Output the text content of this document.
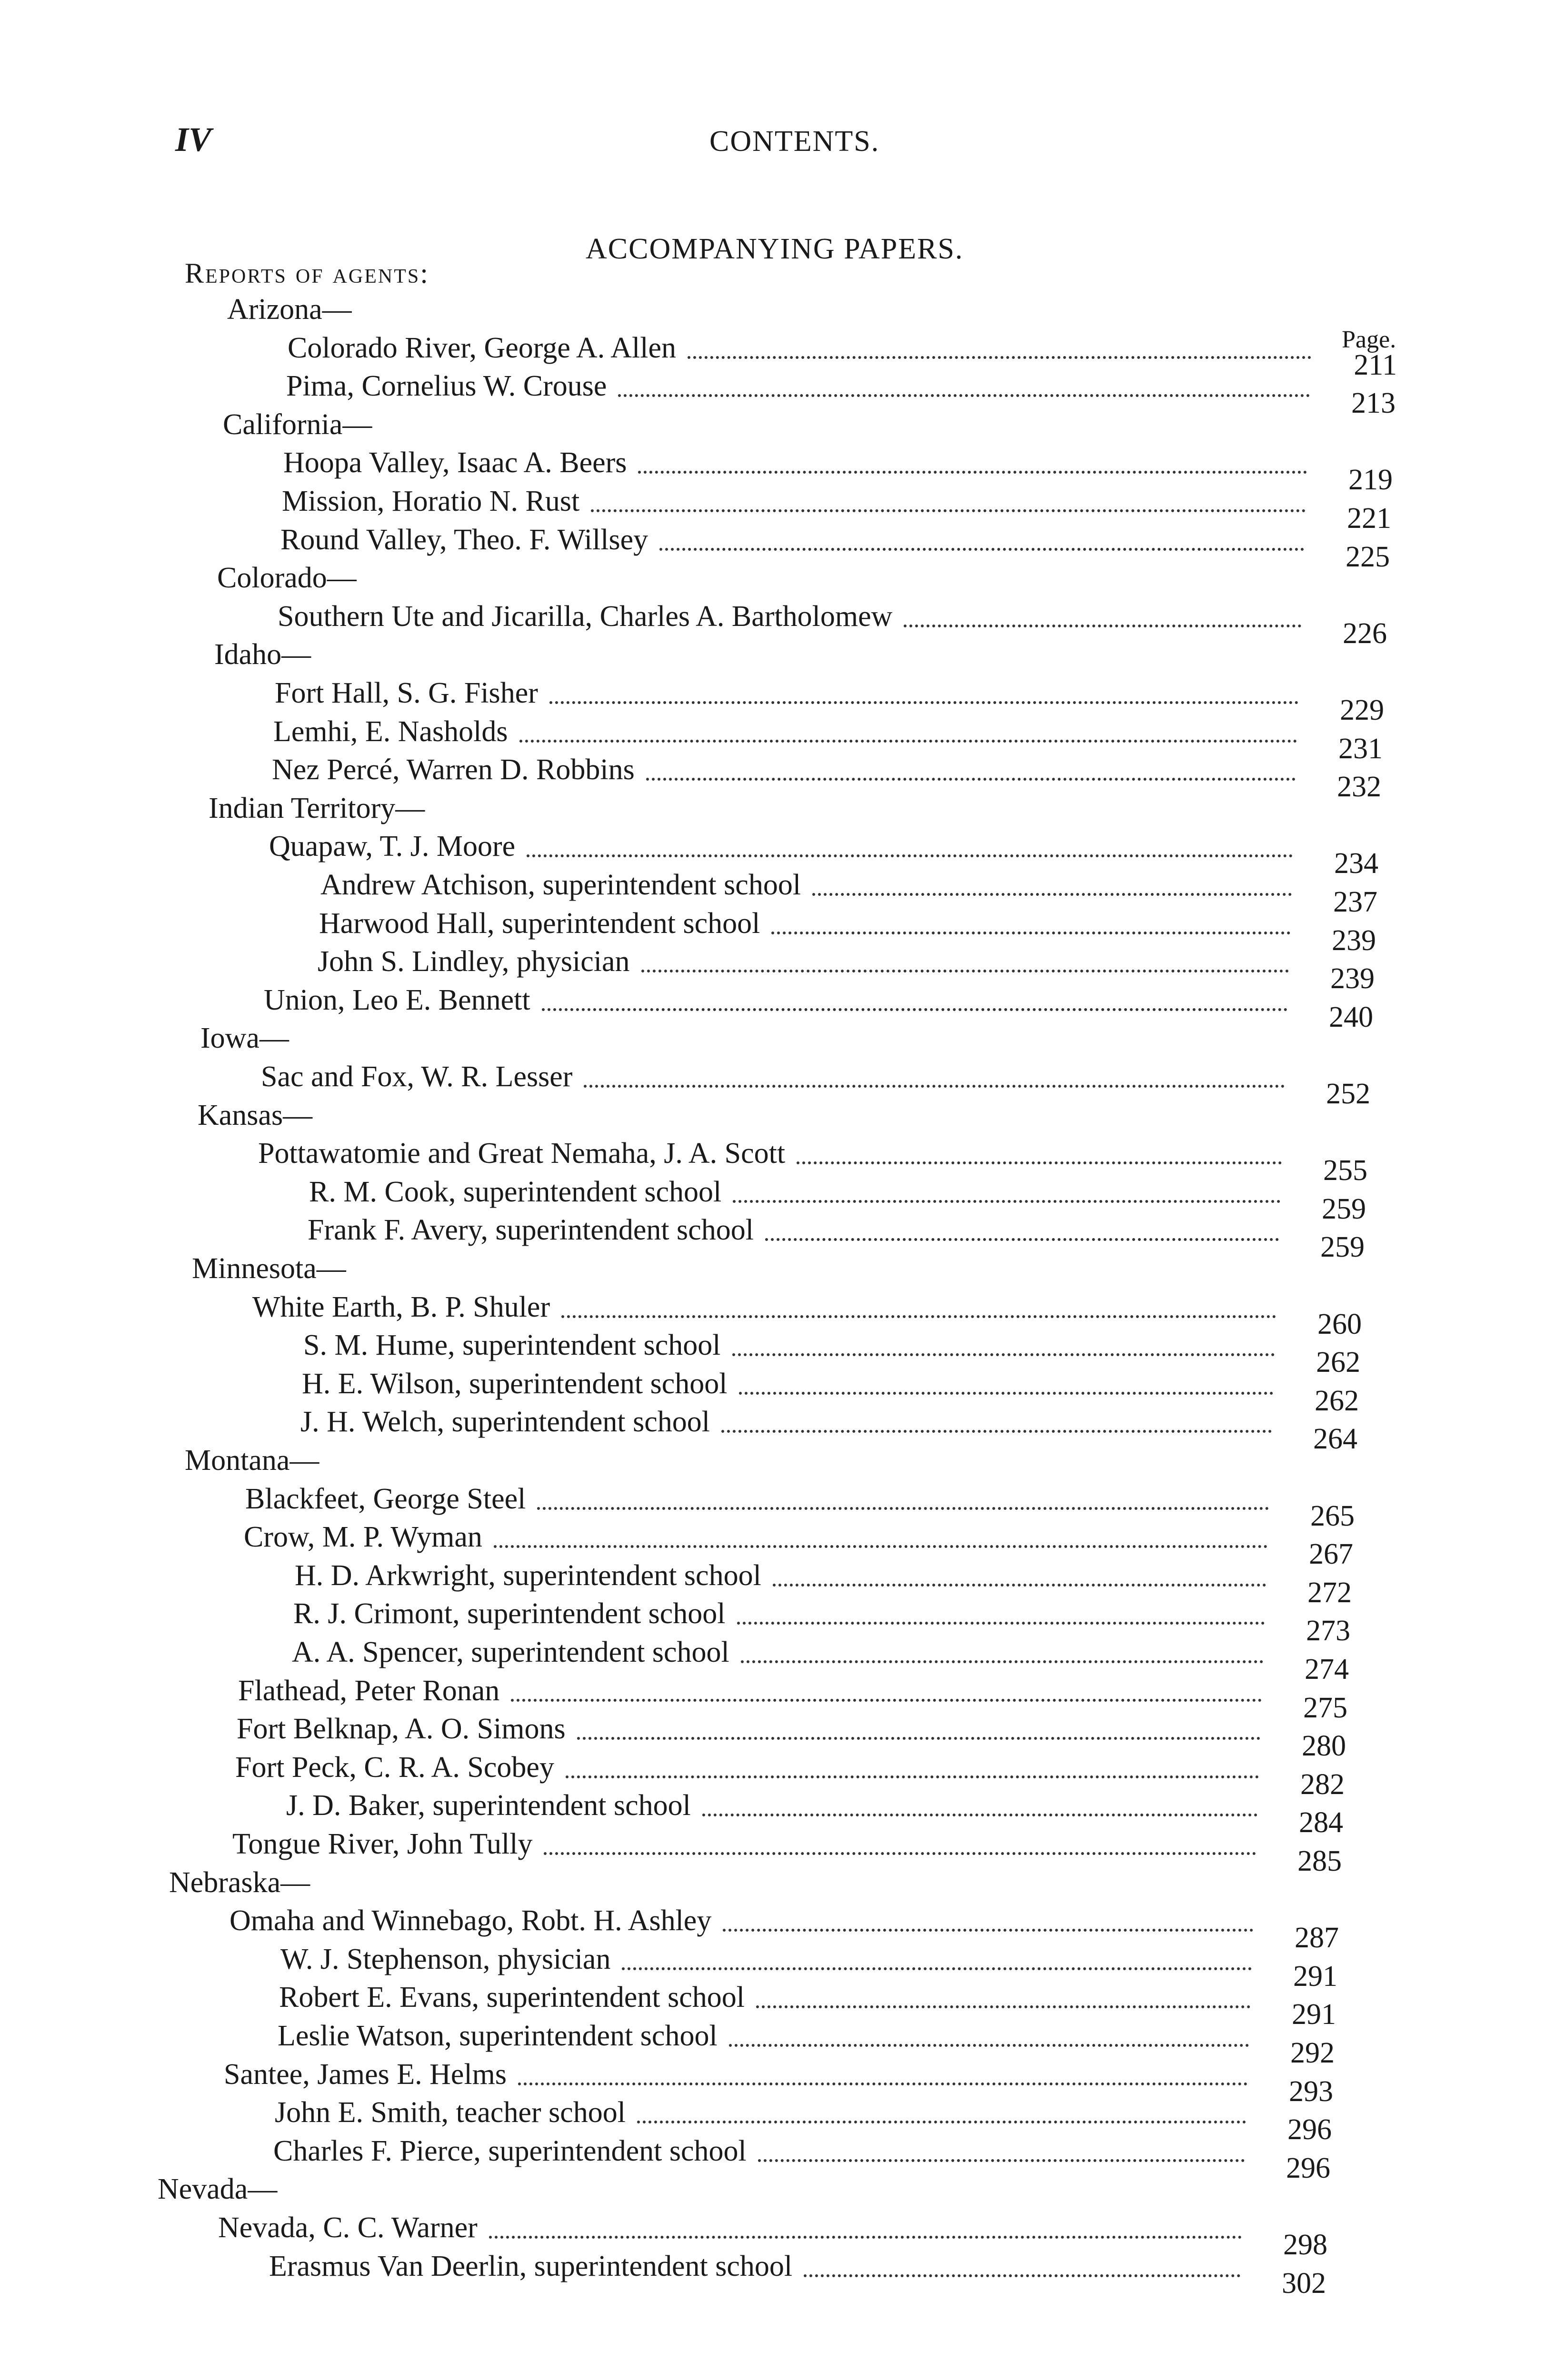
IV	CONTENTS.
ACCOMPANYING PAPERS.
Reports of agents:
Page.
Arizona—
Colorado River, George A. Allen
211
Pima, Cornelius W. Crouse
213
California—
Hoopa Valley, Isaac A. Beers
219
Mission, Horatio N. Rust
221
Round Valley, Theo. F. Willsey
225
Colorado—
Southern Ute and Jicarilla, Charles A. Bartholomew
226
Idaho—
Fort Hall, S. G. Fisher
229
Lemhi, E. Nasholds
231
Nez Percé, Warren D. Robbins
232
Indian Territory—
Quapaw, T. J. Moore
234
Andrew Atchison, superintendent school
237
Harwood Hall, superintendent school
239
John S. Lindley, physician
239
Union, Leo E. Bennett
240
Iowa—
Sac and Fox, W. R. Lesser
252
Kansas—
Pottawatomie and Great Nemaha, J. A. Scott
255
R. M. Cook, superintendent school
259
Frank F. Avery, superintendent school
259
Minnesota—
White Earth, B. P. Shuler
260
S. M. Hume, superintendent school
262
H. E. Wilson, superintendent school
262
J. H. Welch, superintendent school
264
Montana—
Blackfeet, George Steel
265
Crow, M. P. Wyman
267
H. D. Arkwright, superintendent school
272
R. J. Crimont, superintendent school
273
A. A. Spencer, superintendent school
274
Flathead, Peter Ronan
275
Fort Belknap, A. O. Simons
280
Fort Peck, C. R. A. Scobey
282
J. D. Baker, superintendent school
284
Tongue River, John Tully
285
Nebraska—
Omaha and Winnebago, Robt. H. Ashley
287
W. J. Stephenson, physician
291
Robert E. Evans, superintendent school
291
Leslie Watson, superintendent school
292
Santee, James E. Helms
293
John E. Smith, teacher school
296
Charles F. Pierce, superintendent school
296
Nevada—
Nevada, C. C. Warner
298
Erasmus Van Deerlin, superintendent school
302
